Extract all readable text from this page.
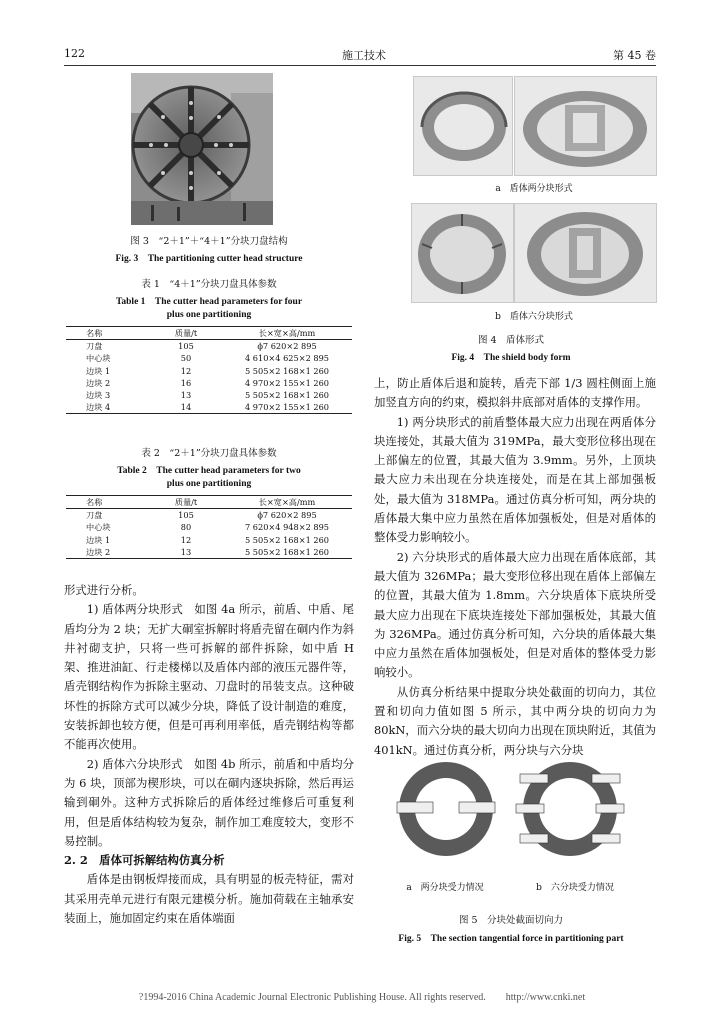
122	施工技术	第 45 卷
图 3　“2＋1”＋“4＋1”分块刀盘结构
Fig. 3　The partitioning cutter head structure
表 1　“4＋1”分块刀盘具体参数
Table 1　The cutter head parameters for four
plus one partitioning
名称	质量/t	长×宽×高/mm
刀盘	105	ϕ7 620×2 895
中心块	50	4 610×4 625×2 895
边块 1	12	5 505×2 168×1 260
边块 2	16	4 970×2 155×1 260
边块 3	13	5 505×2 168×1 260
边块 4	14	4 970×2 155×1 260
表 2　“2＋1”分块刀盘具体参数
Table 2　The cutter head parameters for two
plus one partitioning
名称	质量/t	长×宽×高/mm
刀盘	105	ϕ7 620×2 895
中心块	80	7 620×4 948×2 895
边块 1	12	5 505×2 168×1 260
边块 2	13	5 505×2 168×1 260

形式进行分析。

1) 盾体两分块形式　如图 4a 所示，前盾、中盾、尾盾均分为 2 块；无扩大硐室拆解时将盾壳留在硐内作为斜井衬砌支护，只将一些可拆解的部件拆除，如中盾 H 架、推进油缸、行走楼梯以及盾体内部的液压元器件等，盾壳钢结构作为拆除主驱动、刀盘时的吊装支点。这种破坏性的拆除方式可以减少分块，降低了设计制造的难度，安装拆卸也较方便，但是可再利用率低，盾壳钢结构等都不能再次使用。

2) 盾体六分块形式　如图 4b 所示，前盾和中盾均分为 6 块，顶部为楔形块，可以在硐内逐块拆除，然后再运输到硐外。这种方式拆除后的盾体经过维修后可重复利用，但是盾体结构较为复杂，制作加工难度较大，变形不易控制。

2. 2　盾体可拆解结构仿真分析

盾体是由钢板焊接而成，具有明显的板壳特征，需对其采用壳单元进行有限元建模分析。施加荷载在主轴承安装面上，施加固定约束在盾体端面

a　盾体两分块形式
b　盾体六分块形式
图 4　盾体形式
Fig. 4　The shield body form

上，防止盾体后退和旋转，盾壳下部 1/3 圆柱侧面上施加竖直方向的约束，模拟斜井底部对盾体的支撑作用。

1) 两分块形式的前盾整体最大应力出现在两盾体分块连接处，其最大值为 319MPa，最大变形位移出现在上部偏左的位置，其最大值为 3.9mm。另外，上顶块最大应力未出现在分块连接处，而是在其上部加强板处，最大值为 318MPa。通过仿真分析可知，两分块的盾体最大集中应力虽然在盾体加强板处，但是对盾体的整体受力影响较小。

2) 六分块形式的盾体最大应力出现在盾体底部，其最大值为 326MPa；最大变形位移出现在盾体上部偏左的位置，其最大值为 1.8mm。六分块盾体下底块所受最大应力出现在下底块连接处下部加强板处，其最大值为 326MPa。通过仿真分析可知，六分块的盾体最大集中应力虽然在盾体加强板处，但是对盾体的整体受力影响较小。

从仿真分析结果中提取分块处截面的切向力，其位置和切向力值如图 5 所示，其中两分块的切向力为 80kN，而六分块的最大切向力出现在顶块附近，其值为 401kN。通过仿真分析，两分块与六分块

a　两分块受力情况	b　六分块受力情况
图 5　分块处截面切向力
Fig. 5　The section tangential force in partitioning part
?1994-2016 China Academic Journal Electronic Publishing House. All rights reserved.　　http://www.cnki.net
